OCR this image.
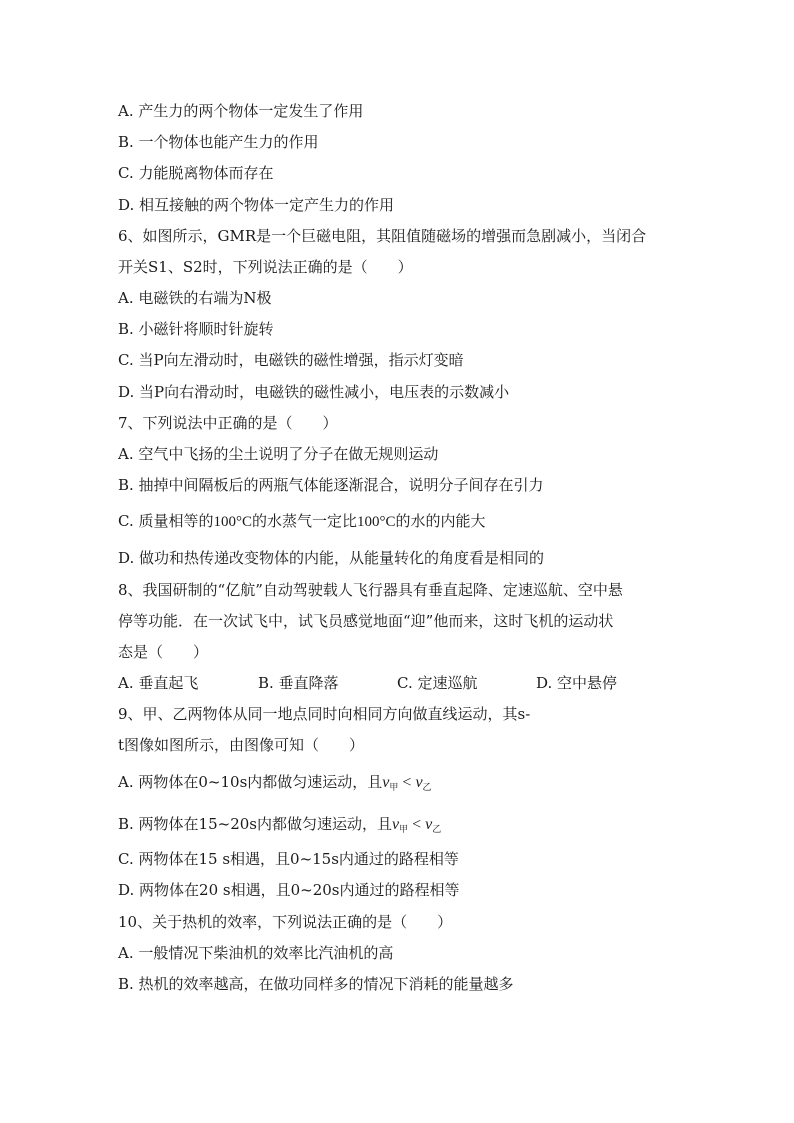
A. 产生力的两个物体一定发生了作用
B. 一个物体也能产生力的作用
C. 力能脱离物体而存在
D. 相互接触的两个物体一定产生力的作用
6、如图所示，GMR是一个巨磁电阻，其阻值随磁场的增强而急剧减小，当闭合
开关S1、S2时，下列说法正确的是（　　）
A. 电磁铁的右端为N极
B. 小磁针将顺时针旋转
C. 当P向左滑动时，电磁铁的磁性增强，指示灯变暗
D. 当P向右滑动时，电磁铁的磁性减小，电压表的示数减小
7、下列说法中正确的是（　　）
A. 空气中飞扬的尘土说明了分子在做无规则运动
B. 抽掉中间隔板后的两瓶气体能逐渐混合，说明分子间存在引力
C. 质量相等的100°C的水蒸气一定比100°C的水的内能大
D. 做功和热传递改变物体的内能，从能量转化的角度看是相同的
8、我国研制的“亿航”自动驾驶载人飞行器具有垂直起降、定速巡航、空中悬
停等功能．在一次试飞中，试飞员感觉地面“迎”他而来，这时飞机的运动状
态是（　　）
A. 垂直起飞	B. 垂直降落	C. 定速巡航	D. 空中悬停
9、甲、乙两物体从同一地点同时向相同方向做直线运动，其s-
t图像如图所示，由图像可知（　　）
A. 两物体在0~10s内都做匀速运动，且$v_甲 < v_乙$
B. 两物体在15~20s内都做匀速运动，且$v_甲 < v_乙$
C. 两物体在15 s相遇，且0~15s内通过的路程相等
D. 两物体在20 s相遇，且0~20s内通过的路程相等
10、关于热机的效率，下列说法正确的是（　　）
A. 一般情况下柴油机的效率比汽油机的高
B. 热机的效率越高，在做功同样多的情况下消耗的能量越多
